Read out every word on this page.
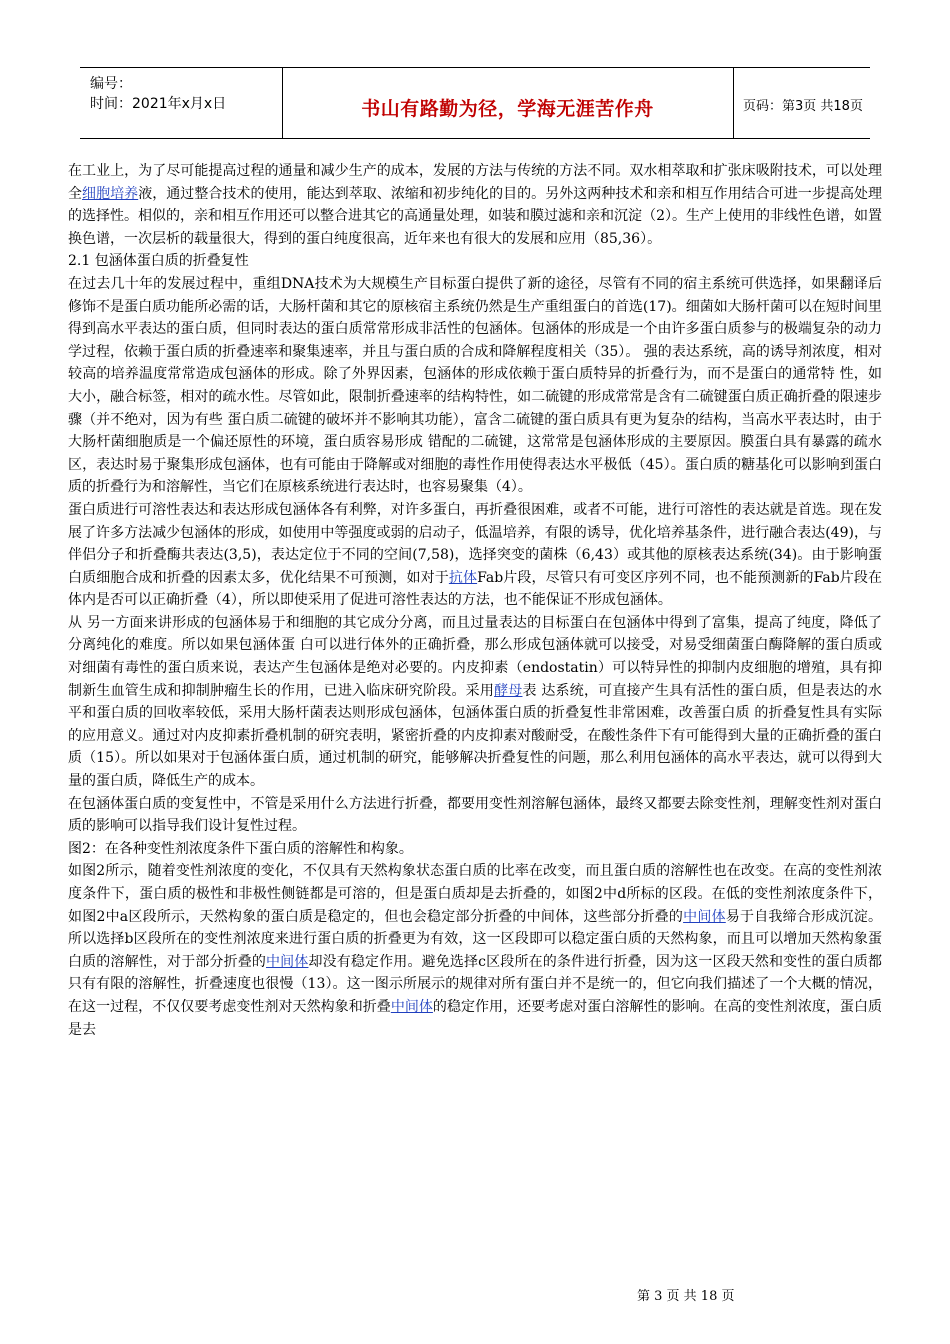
编号：
时间：2021年x月x日	书山有路勤为径，学海无涯苦作舟	页码：第3页 共18页

在工业上，为了尽可能提高过程的通量和减少生产的成本，发展的方法与传统的方法不同。双水相萃取和扩张床吸附技术，可以处理全细胞培养液，通过整合技术的使用，能达到萃取、浓缩和初步纯化的目的。另外这两种技术和亲和相互作用结合可进一步提高处理的选择性。相似的，亲和相互作用还可以整合进其它的高通量处理，如装和膜过滤和亲和沉淀（2）。生产上使用的非线性色谱，如置换色谱，一次层析的载量很大，得到的蛋白纯度很高，近年来也有很大的发展和应用（85,36）。

2.1 包涵体蛋白质的折叠复性

在过去几十年的发展过程中，重组DNA技术为大规模生产目标蛋白提供了新的途径，尽管有不同的宿主系统可供选择，如果翻译后修饰不是蛋白质功能所必需的话，大肠杆菌和其它的原核宿主系统仍然是生产重组蛋白的首选(17)。细菌如大肠杆菌可以在短时间里得到高水平表达的蛋白质，但同时表达的蛋白质常常形成非活性的包涵体。包涵体的形成是一个由许多蛋白质参与的极端复杂的动力学过程，依赖于蛋白质的折叠速率和聚集速率，并且与蛋白质的合成和降解程度相关（35）。 强的表达系统，高的诱导剂浓度，相对较高的培养温度常常造成包涵体的形成。除了外界因素，包涵体的形成依赖于蛋白质特异的折叠行为，而不是蛋白的通常特 性，如大小，融合标签，相对的疏水性。尽管如此，限制折叠速率的结构特性，如二硫键的形成常常是含有二硫键蛋白质正确折叠的限速步骤（并不绝对，因为有些 蛋白质二硫键的破坏并不影响其功能），富含二硫键的蛋白质具有更为复杂的结构，当高水平表达时，由于大肠杆菌细胞质是一个偏还原性的环境，蛋白质容易形成 错配的二硫键，这常常是包涵体形成的主要原因。膜蛋白具有暴露的疏水区，表达时易于聚集形成包涵体，也有可能由于降解或对细胞的毒性作用使得表达水平极低（45）。蛋白质的糖基化可以影响到蛋白质的折叠行为和溶解性，当它们在原核系统进行表达时，也容易聚集（4）。

蛋白质进行可溶性表达和表达形成包涵体各有利弊，对许多蛋白，再折叠很困难，或者不可能，进行可溶性的表达就是首选。现在发展了许多方法减少包涵体的形成，如使用中等强度或弱的启动子，低温培养，有限的诱导，优化培养基条件，进行融合表达(49)，与伴侣分子和折叠酶共表达(3,5)，表达定位于不同的空间(7,58)，选择突变的菌株（6,43）或其他的原核表达系统(34)。由于影响蛋白质细胞合成和折叠的因素太多，优化结果不可预测，如对于抗体Fab片段，尽管只有可变区序列不同，也不能预测新的Fab片段在体内是否可以正确折叠（4），所以即使采用了促进可溶性表达的方法，也不能保证不形成包涵体。

从 另一方面来讲形成的包涵体易于和细胞的其它成分分离，而且过量表达的目标蛋白在包涵体中得到了富集，提高了纯度，降低了分离纯化的难度。所以如果包涵体蛋 白可以进行体外的正确折叠，那么形成包涵体就可以接受，对易受细菌蛋白酶降解的蛋白质或对细菌有毒性的蛋白质来说，表达产生包涵体是绝对必要的。内皮抑素（endostatin）可以特异性的抑制内皮细胞的增殖，具有抑制新生血管生成和抑制肿瘤生长的作用，已进入临床研究阶段。采用酵母表 达系统，可直接产生具有活性的蛋白质，但是表达的水平和蛋白质的回收率较低，采用大肠杆菌表达则形成包涵体，包涵体蛋白质的折叠复性非常困难，改善蛋白质 的折叠复性具有实际的应用意义。通过对内皮抑素折叠机制的研究表明，紧密折叠的内皮抑素对酸耐受，在酸性条件下有可能得到大量的正确折叠的蛋白质（15）。所以如果对于包涵体蛋白质，通过机制的研究，能够解决折叠复性的问题，那么利用包涵体的高水平表达，就可以得到大量的蛋白质，降低生产的成本。

在包涵体蛋白质的变复性中，不管是采用什么方法进行折叠，都要用变性剂溶解包涵体，最终又都要去除变性剂，理解变性剂对蛋白质的影响可以指导我们设计复性过程。

图2：在各种变性剂浓度条件下蛋白质的溶解性和构象。

如图2所示，随着变性剂浓度的变化，不仅具有天然构象状态蛋白质的比率在改变，而且蛋白质的溶解性也在改变。在高的变性剂浓度条件下，蛋白质的极性和非极性侧链都是可溶的，但是蛋白质却是去折叠的，如图2中d所标的区段。在低的变性剂浓度条件下，如图2中a区段所示，天然构象的蛋白质是稳定的，但也会稳定部分折叠的中间体，这些部分折叠的中间体易于自我缔合形成沉淀。所以选择b区段所在的变性剂浓度来进行蛋白质的折叠更为有效，这一区段即可以稳定蛋白质的天然构象，而且可以增加天然构象蛋白质的溶解性，对于部分折叠的中间体却没有稳定作用。避免选择c区段所在的条件进行折叠，因为这一区段天然和变性的蛋白质都只有有限的溶解性，折叠速度也很慢（13）。这一图示所展示的规律对所有蛋白并不是统一的，但它向我们描述了一个大概的情况，在这一过程，不仅仅要考虑变性剂对天然构象和折叠中间体的稳定作用，还要考虑对蛋白溶解性的影响。在高的变性剂浓度，蛋白质是去

第 3 页 共 18 页
